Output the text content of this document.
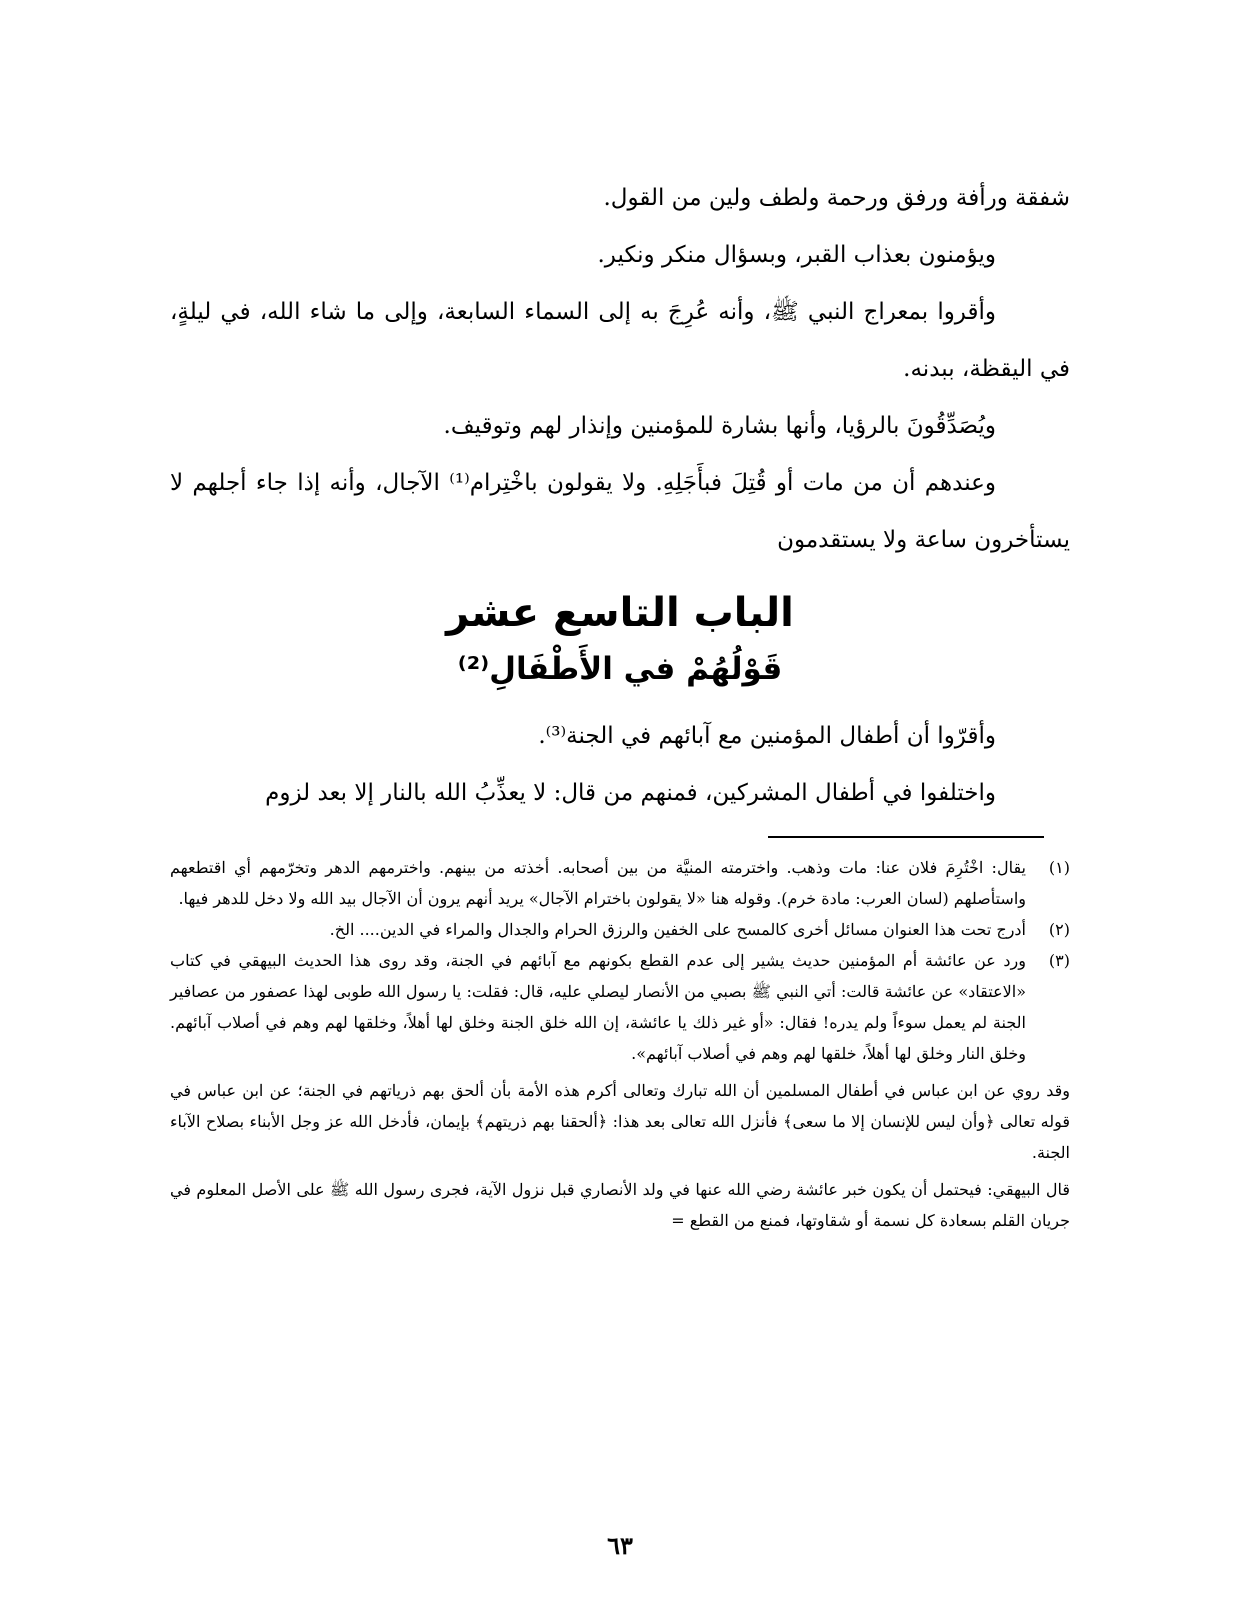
شفقة ورأفة ورفق ورحمة ولطف ولين من القول.

ويؤمنون بعذاب القبر، وبسؤال منكر ونكير.

وأقروا بمعراج النبي ﷺ، وأنه عُرِجَ به إلى السماء السابعة، وإلى ما شاء الله، في ليلةٍ، في اليقظة، ببدنه.

ويُصَدِّقُونَ بالرؤيا، وأنها بشارة للمؤمنين وإنذار لهم وتوقيف.

وعندهم أن من مات أو قُتِلَ فبأَجَلِهِ. ولا يقولون باخْتِرام⁽¹⁾ الآجال، وأنه إذا جاء أجلهم لا يستأخرون ساعة ولا يستقدمون

الباب التاسع عشر
قَوْلُهُمْ في الأَطْفَالِ⁽²⁾

وأقرّوا أن أطفال المؤمنين مع آبائهم في الجنة⁽³⁾.

واختلفوا في أطفال المشركين، فمنهم من قال: لا يعذِّبُ الله بالنار إلا بعد لزوم

(١)

يقال: اخْتُرِمَ فلان عنا: مات وذهب. واخترمته المنيَّة من بين أصحابه. أخذته من بينهم. واخترمهم الدهر وتخرّمهم أي اقتطعهم واستأصلهم (لسان العرب: مادة خرم). وقوله هنا «لا يقولون باخترام الآجال» يريد أنهم يرون أن الآجال بيد الله ولا دخل للدهر فيها.

(٢)

أدرج تحت هذا العنوان مسائل أخرى كالمسح على الخفين والرزق الحرام والجدال والمراء في الدين.... الخ.

(٣)

ورد عن عائشة أم المؤمنين حديث يشير إلى عدم القطع بكونهم مع آبائهم في الجنة، وقد روى هذا الحديث البيهقي في كتاب «الاعتقاد» عن عائشة قالت: أتي النبي ﷺ بصبي من الأنصار ليصلي عليه، قال: فقلت: يا رسول الله طوبى لهذا عصفور من عصافير الجنة لم يعمل سوءاً ولم يدره! فقال: «أو غير ذلك يا عائشة، إن الله خلق الجنة وخلق لها أهلاً، وخلقها لهم وهم في أصلاب آبائهم. وخلق النار وخلق لها أهلاً، خلقها لهم وهم في أصلاب آبائهم».

وقد روي عن ابن عباس في أطفال المسلمين أن الله تبارك وتعالى أكرم هذه الأمة بأن ألحق بهم ذرياتهم في الجنة؛ عن ابن عباس في قوله تعالى ﴿وأن ليس للإنسان إلا ما سعى﴾ فأنزل الله تعالى بعد هذا: ﴿ألحقنا بهم ذريتهم﴾ بإيمان، فأدخل الله عز وجل الأبناء بصلاح الآباء الجنة.

قال البيهقي: فيحتمل أن يكون خبر عائشة رضي الله عنها في ولد الأنصاري قبل نزول الآية، فجرى رسول الله ﷺ على الأصل المعلوم في جريان القلم بسعادة كل نسمة أو شقاوتها، فمنع من القطع =

٦٣
